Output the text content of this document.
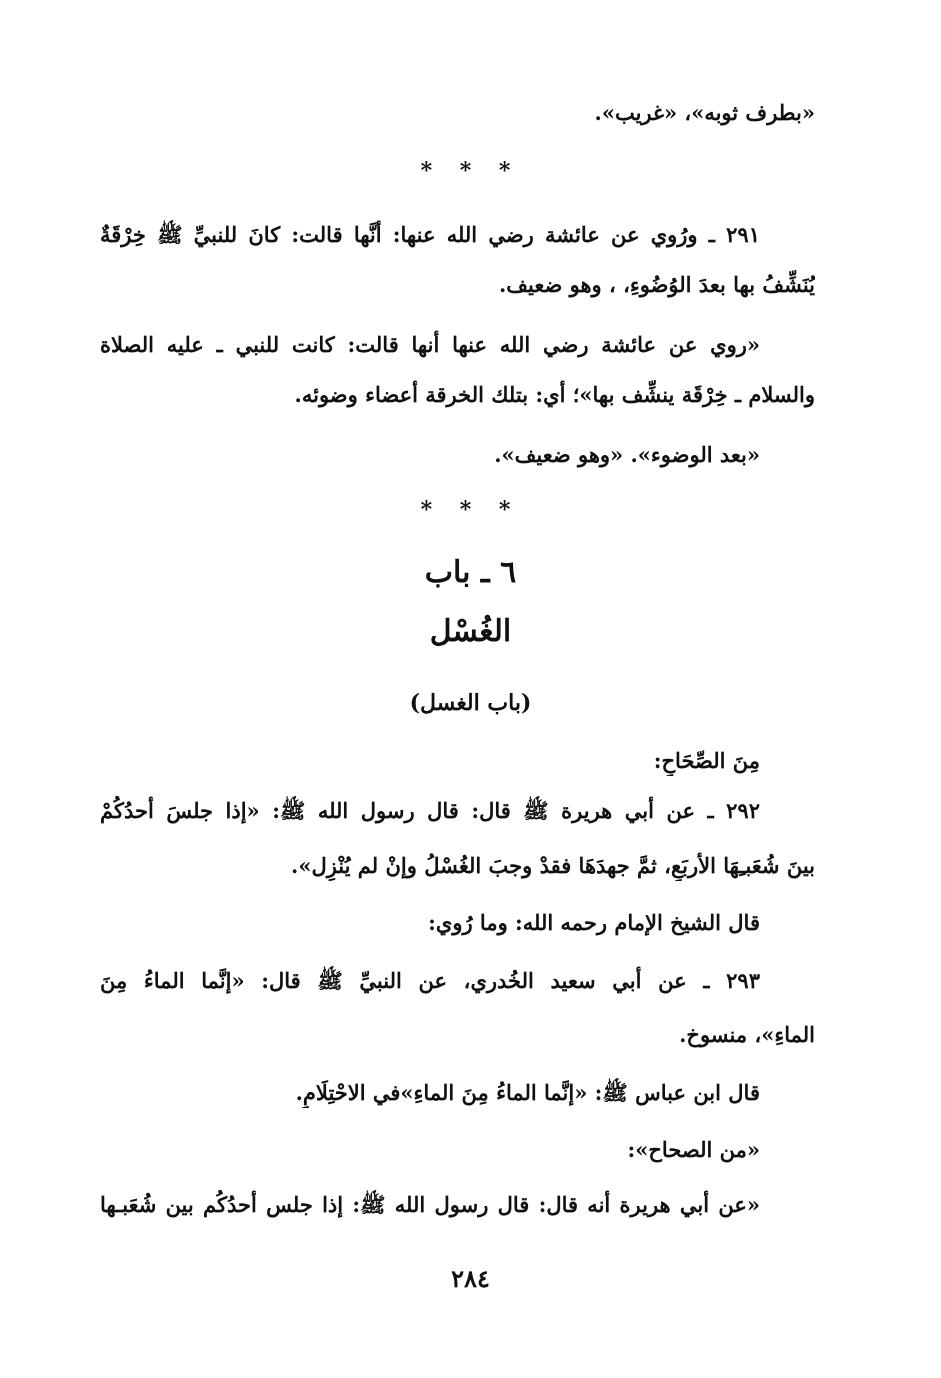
«بطرف ثوبه»، «غريب».
* * *
٢٩١ ـ ورُوي عن عائشة رضي الله عنها: أنَّها قالت: كانَ للنبيِّ ﷺ خِرْقَةٌ
يُنَشِّفُ بها بعدَ الوُضُوءِ، ، وهو ضعيف.
«روي عن عائشة رضي الله عنها أنها قالت: كانت للنبي ـ عليه الصلاة
والسلام ـ خِرْقَة ينشِّف بها»؛ أي: بتلك الخرقة أعضاء وضوئه.
«بعد الوضوء». «وهو ضعيف».
* * *
٦ ـ باب
الغُسْل
(باب الغسل)
مِنَ الصِّحَاحِ:
٢٩٢ ـ عن أبي هريرة ﷺ قال: قال رسول الله ﷺ: «إذا جلسَ أحدُكُمْ
بينَ شُعَبـِهَا الأربَعِ، ثمَّ جهدَهَا فقدْ وجبَ الغُسْلُ وإنْ لم يُنْزِل».
قال الشيخ الإمام رحمه الله: وما رُوي:
٢٩٣ ـ عن أبي سعيد الخُدري، عن النبيِّ ﷺ قال: «إنَّما الماءُ مِنَ
الماءِ»، منسوخ.
قال ابن عباس ﷺ: «إنَّما الماءُ مِنَ الماءِ»في الاحْتِلَامِ.
«من الصحاح»:
«عن أبي هريرة أنه قال: قال رسول الله ﷺ: إذا جلس أحدُكُم بين شُعَبـها
٢٨٤
